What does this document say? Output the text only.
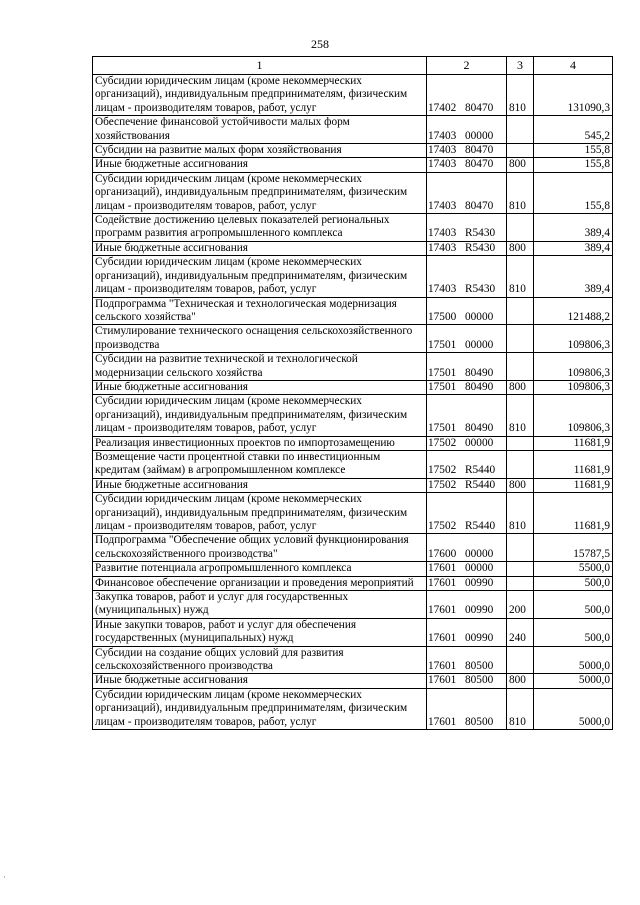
258
1	2	3	4
Субсидии юридическим лицам (кроме некоммерческих организаций), индивидуальным предпринимателям, физическим лицам - производителям товаров, работ, услуг	17402 80470	810	131090,3
Обеспечение финансовой устойчивости малых форм хозяйствования	17403 00000		545,2
Субсидии на развитие малых форм хозяйствования	17403 80470		155,8
Иные бюджетные ассигнования	17403 80470	800	155,8
Субсидии юридическим лицам (кроме некоммерческих организаций), индивидуальным предпринимателям, физическим лицам - производителям товаров, работ, услуг	17403 80470	810	155,8
Содействие достижению целевых показателей региональных программ развития агропромышленного комплекса	17403 R5430		389,4
Иные бюджетные ассигнования	17403 R5430	800	389,4
Субсидии юридическим лицам (кроме некоммерческих организаций), индивидуальным предпринимателям, физическим лицам - производителям товаров, работ, услуг	17403 R5430	810	389,4
Подпрограмма "Техническая и технологическая модернизация сельского хозяйства"	17500 00000		121488,2
Стимулирование технического оснащения сельскохозяйственного производства	17501 00000		109806,3
Субсидии на развитие технической и технологической модернизации сельского хозяйства	17501 80490		109806,3
Иные бюджетные ассигнования	17501 80490	800	109806,3
Субсидии юридическим лицам (кроме некоммерческих организаций), индивидуальным предпринимателям, физическим лицам - производителям товаров, работ, услуг	17501 80490	810	109806,3
Реализация инвестиционных проектов по импортозамещению	17502 00000		11681,9
Возмещение части процентной ставки по инвестиционным кредитам (займам) в агропромышленном комплексе	17502 R5440		11681,9
Иные бюджетные ассигнования	17502 R5440	800	11681,9
Субсидии юридическим лицам (кроме некоммерческих организаций), индивидуальным предпринимателям, физическим лицам - производителям товаров, работ, услуг	17502 R5440	810	11681,9
Подпрограмма "Обеспечение общих условий функционирования сельскохозяйственного производства"	17600 00000		15787,5
Развитие потенциала агропромышленного комплекса	17601 00000		5500,0
Финансовое обеспечение организации и проведения мероприятий	17601 00990		500,0
Закупка товаров, работ и услуг для государственных (муниципальных) нужд	17601 00990	200	500,0
Иные закупки товаров, работ и услуг для обеспечения государственных (муниципальных) нужд	17601 00990	240	500,0
Субсидии на создание общих условий для развития сельскохозяйственного производства	17601 80500		5000,0
Иные бюджетные ассигнования	17601 80500	800	5000,0
Субсидии юридическим лицам (кроме некоммерческих организаций), индивидуальным предпринимателям, физическим лицам - производителям товаров, работ, услуг	17601 80500	810	5000,0
·
